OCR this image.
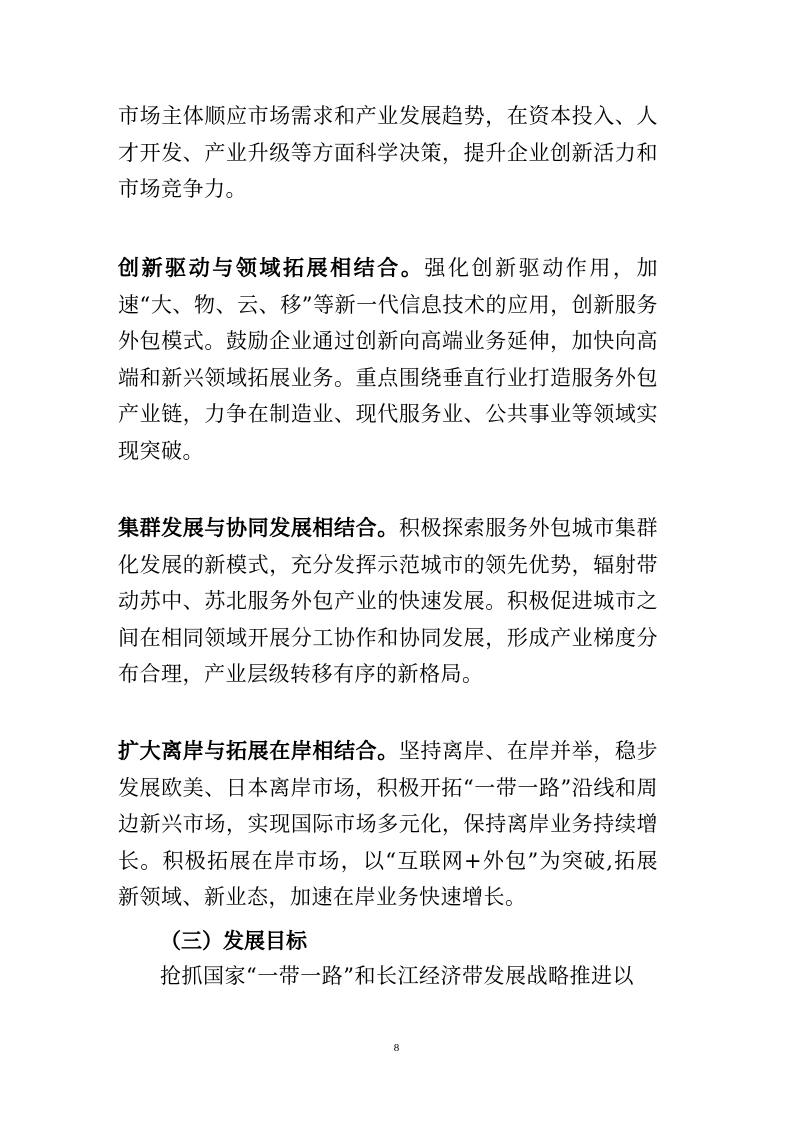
市场主体顺应市场需求和产业发展趋势，在资本投入、人才开发、产业升级等方面科学决策，提升企业创新活力和市场竞争力。

创新驱动与领域拓展相结合。强化创新驱动作用，加速“大、物、云、移”等新一代信息技术的应用，创新服务外包模式。鼓励企业通过创新向高端业务延伸，加快向高端和新兴领域拓展业务。重点围绕垂直行业打造服务外包产业链，力争在制造业、现代服务业、公共事业等领域实现突破。

集群发展与协同发展相结合。积极探索服务外包城市集群化发展的新模式，充分发挥示范城市的领先优势，辐射带动苏中、苏北服务外包产业的快速发展。积极促进城市之间在相同领域开展分工协作和协同发展，形成产业梯度分布合理，产业层级转移有序的新格局。

扩大离岸与拓展在岸相结合。坚持离岸、在岸并举，稳步发展欧美、日本离岸市场，积极开拓“一带一路”沿线和周边新兴市场，实现国际市场多元化，保持离岸业务持续增长。积极拓展在岸市场，以“互联网+外包”为突破,拓展新领域、新业态，加速在岸业务快速增长。

（三）发展目标

抢抓国家“一带一路”和长江经济带发展战略推进以

8
